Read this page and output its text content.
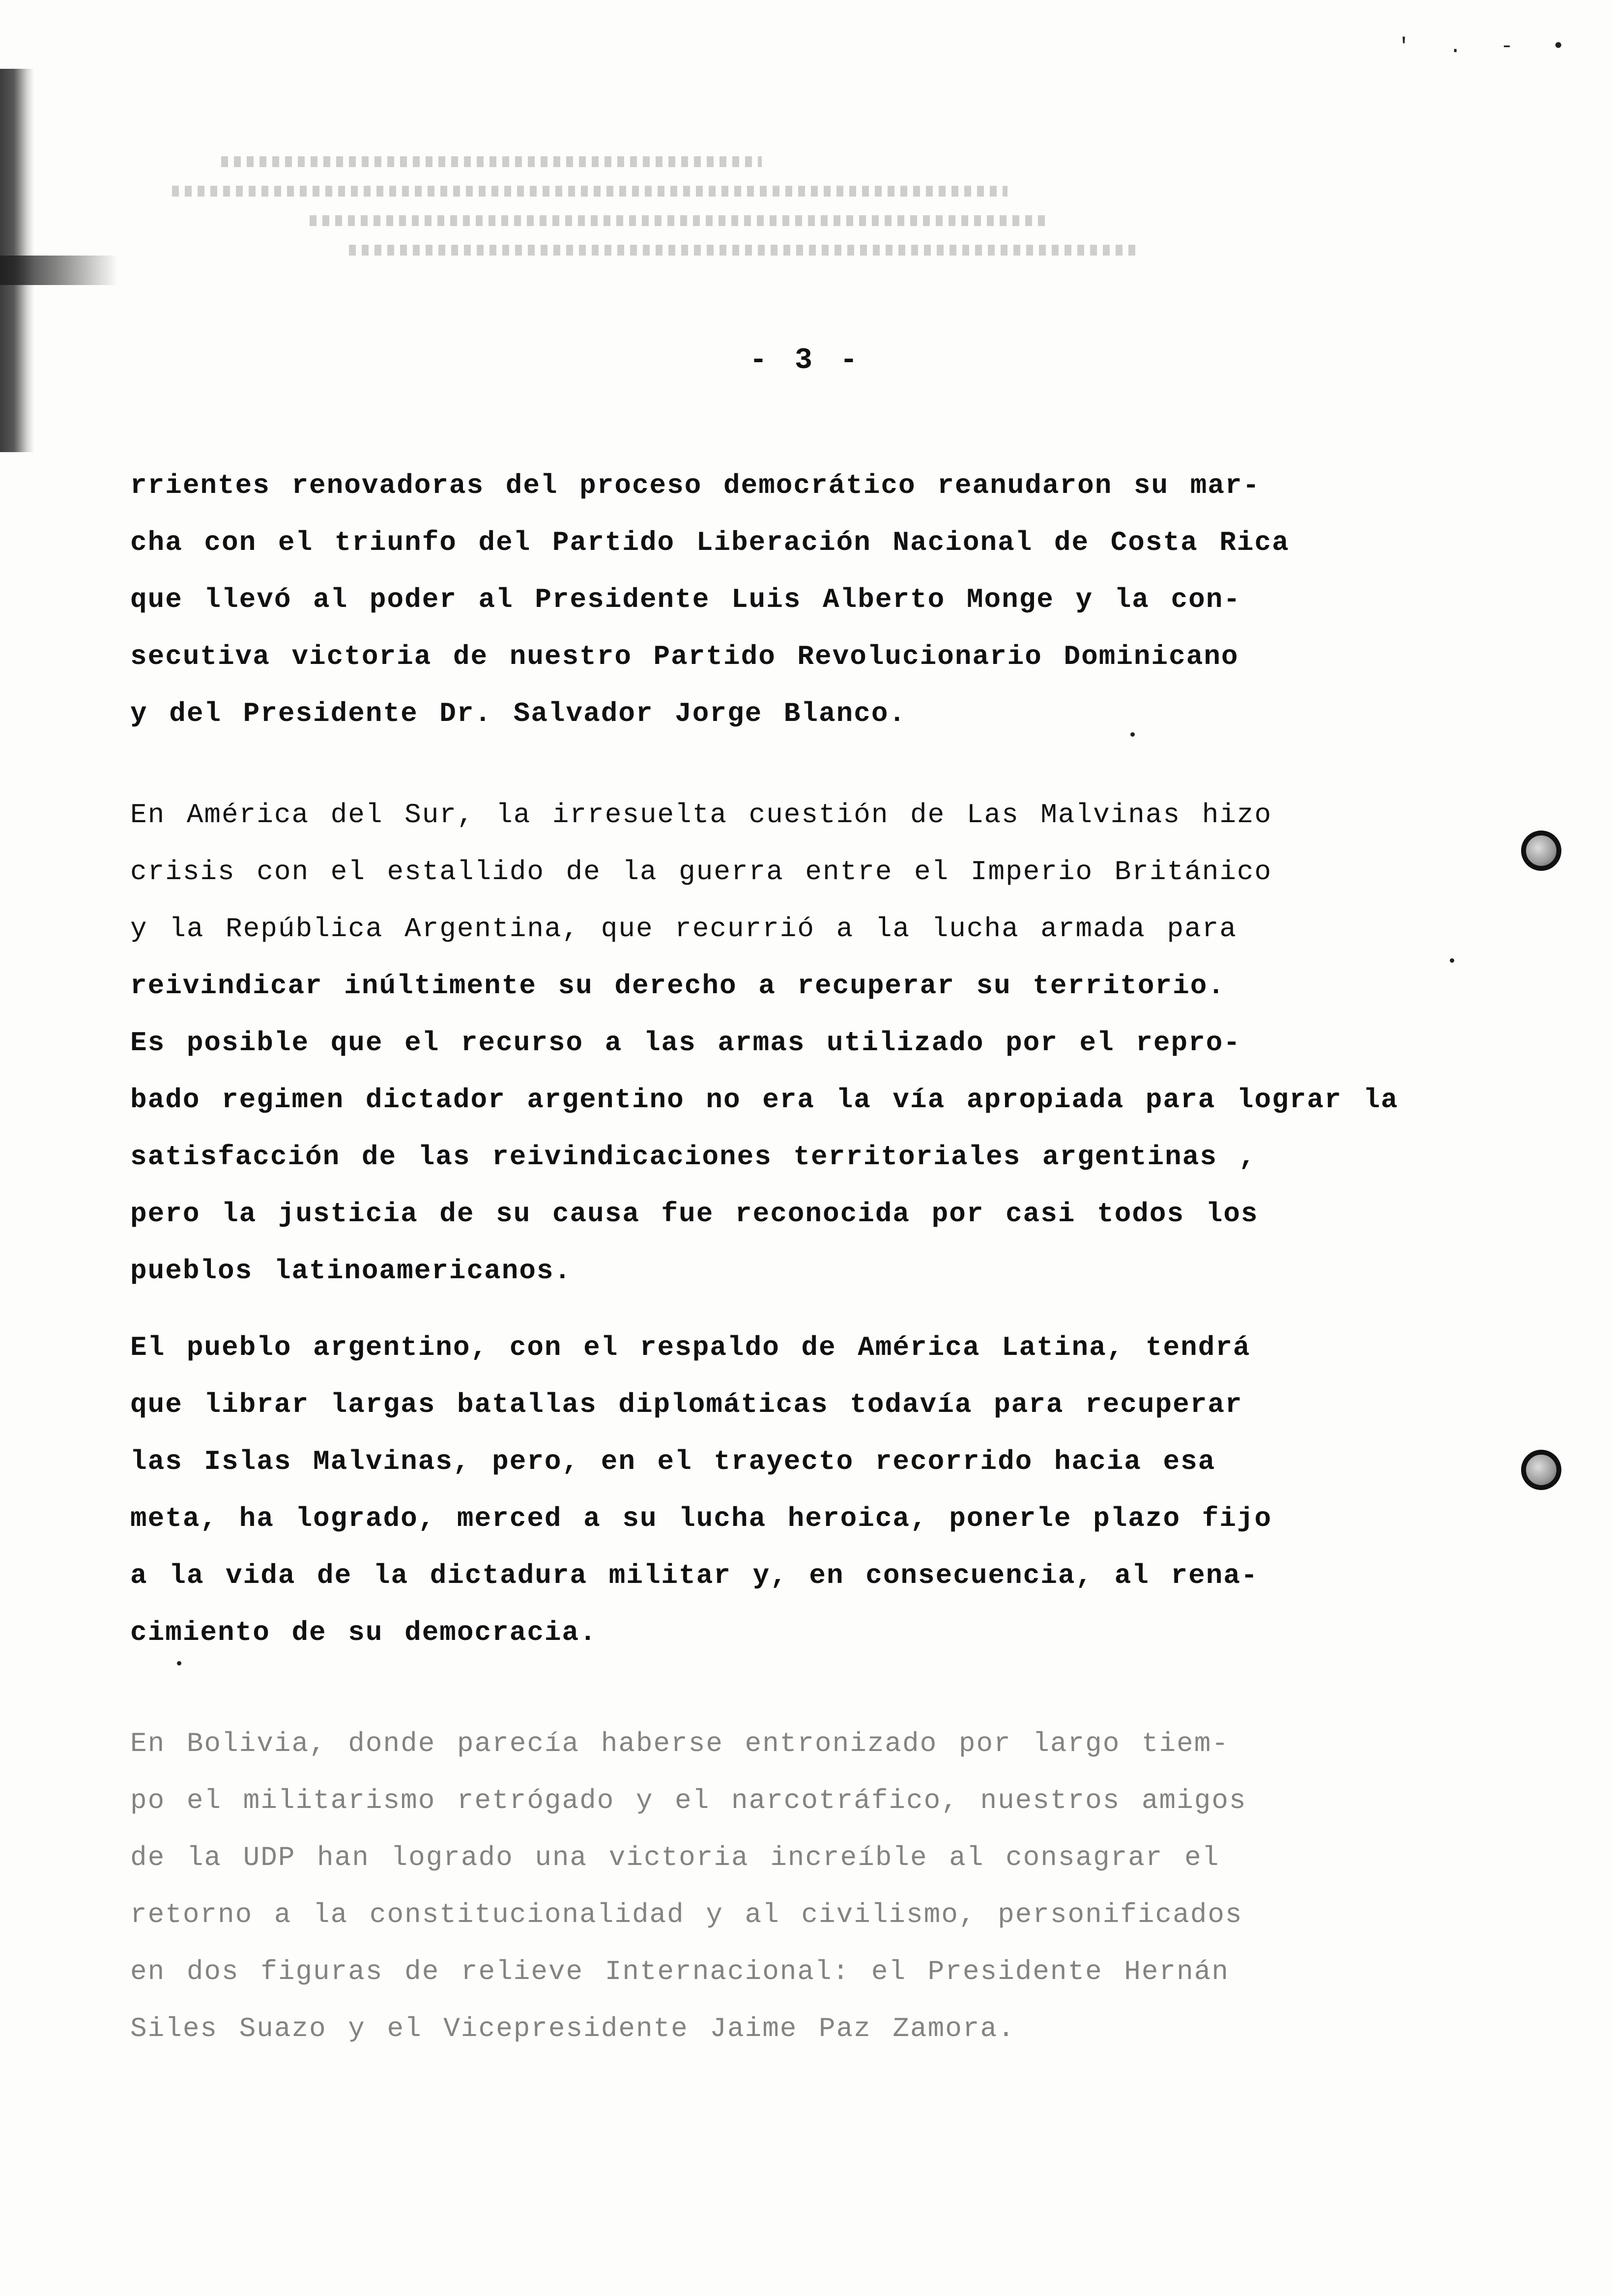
' . - •
- 3 -

rrientes renovadoras del proceso democrático reanudaron su mar-
cha con el triunfo del Partido Liberación Nacional de Costa Rica
que llevó al poder al Presidente Luis Alberto Monge y la con-
secutiva victoria de nuestro Partido Revolucionario Dominicano
y del Presidente Dr. Salvador Jorge Blanco.

En América del Sur, la irresuelta cuestión de Las Malvinas hizo
crisis con el estallido de la guerra entre el Imperio Británico
y la República Argentina, que recurrió a la lucha armada para
reivindicar inúltimente su derecho a recuperar su territorio.
Es posible que el recurso a las armas utilizado por el repro-
bado regimen dictador argentino no era la vía apropiada para lograr la
satisfacción de las reivindicaciones territoriales argentinas ,
pero la justicia de su causa fue reconocida por casi todos los
pueblos latinoamericanos.

El pueblo argentino, con el respaldo de América Latina, tendrá
que librar largas batallas diplomáticas todavía para recuperar
las Islas Malvinas, pero, en el trayecto recorrido hacia esa
meta, ha logrado, merced a su lucha heroica, ponerle plazo fijo
a la vida de la dictadura militar y, en consecuencia, al rena-
cimiento de su democracia.

En Bolivia, donde parecía haberse entronizado por largo tiem-
po el militarismo retrógado y el narcotráfico, nuestros amigos
de la UDP han logrado una victoria increíble al consagrar el
retorno a la constitucionalidad y al civilismo, personificados
en dos figuras de relieve Internacional: el Presidente Hernán
Siles Suazo y el Vicepresidente Jaime Paz Zamora.
